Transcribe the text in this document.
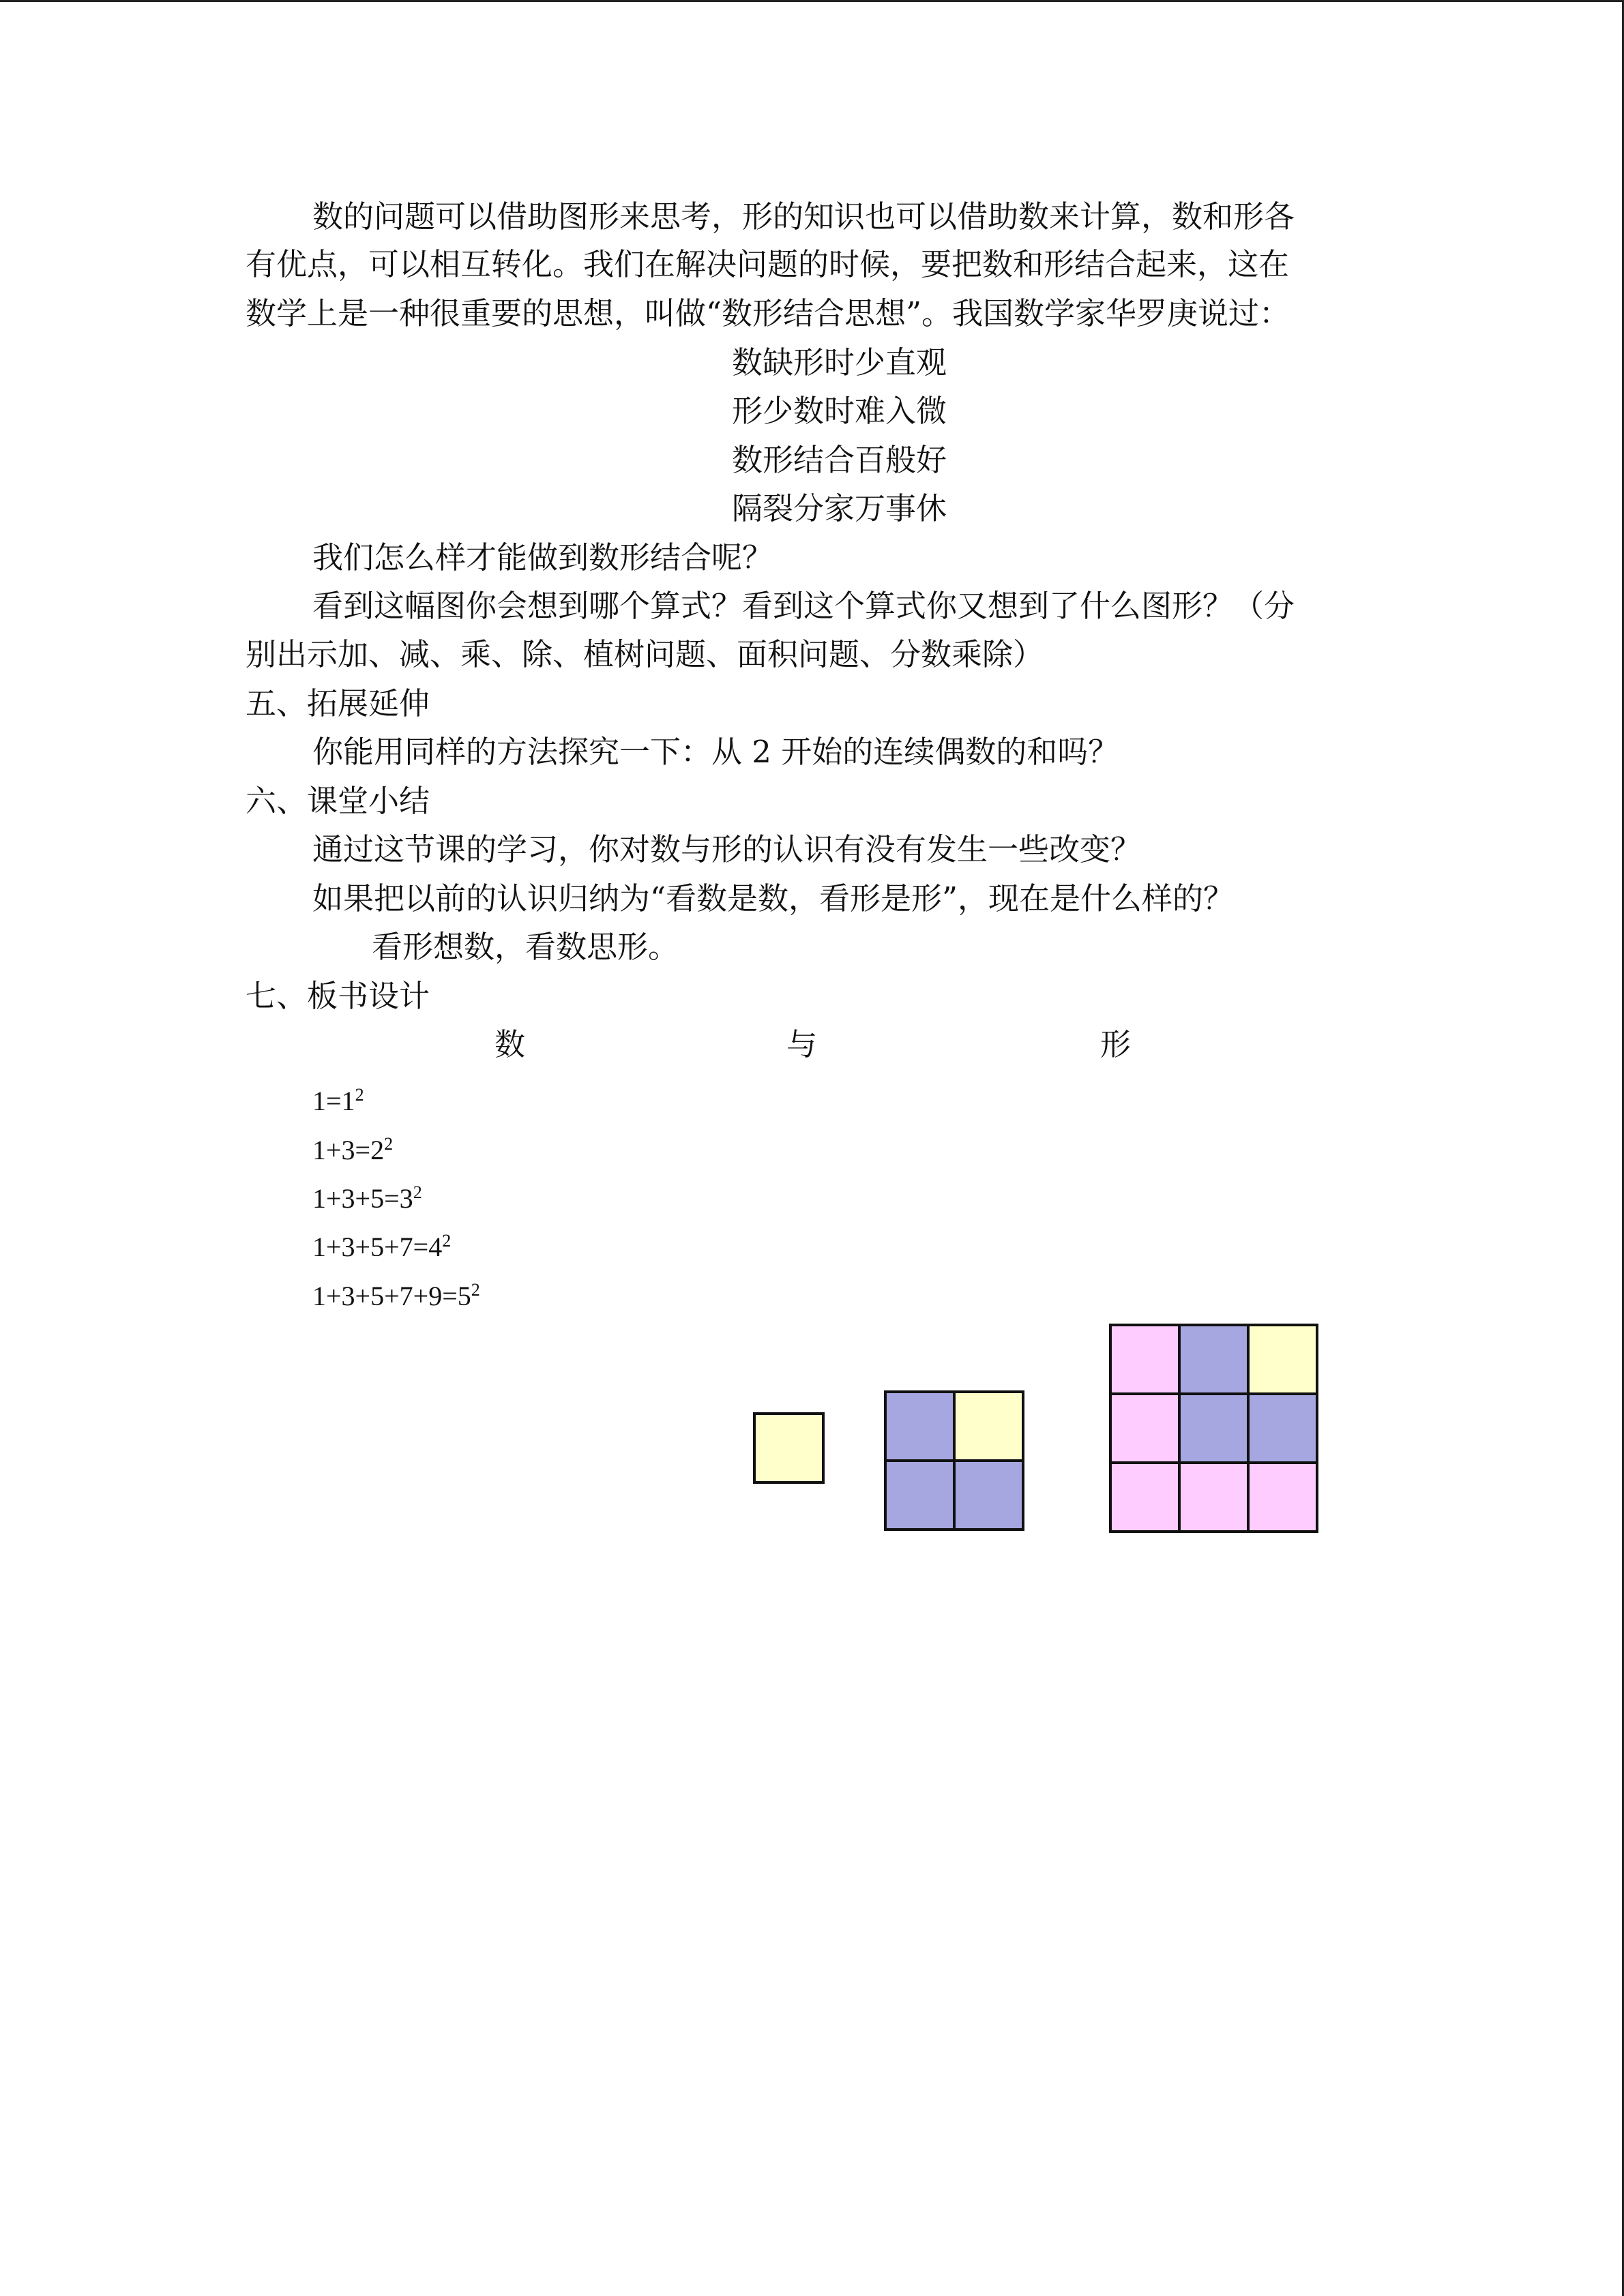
数的问题可以借助图形来思考，形的知识也可以借助数来计算，数和形各
有优点，可以相互转化。我们在解决问题的时候，要把数和形结合起来，这在
数学上是一种很重要的思想，叫做“数形结合思想”。我国数学家华罗庚说过：
数缺形时少直观
形少数时难入微
数形结合百般好
隔裂分家万事休
我们怎么样才能做到数形结合呢？
看到这幅图你会想到哪个算式？看到这个算式你又想到了什么图形？（分
别出示加、减、乘、除、植树问题、面积问题、分数乘除）
五、拓展延伸
你能用同样的方法探究一下：从 2 开始的连续偶数的和吗？
六、课堂小结
通过这节课的学习，你对数与形的认识有没有发生一些改变？
如果把以前的认识归纳为“看数是数，看形是形”，现在是什么样的？
看形想数，看数思形。
七、板书设计
数	与	形
$1=1^2$
$1+3=2^2$
$1+3+5=3^2$
$1+3+5+7=4^2$
$1+3+5+7+9=5^2$
